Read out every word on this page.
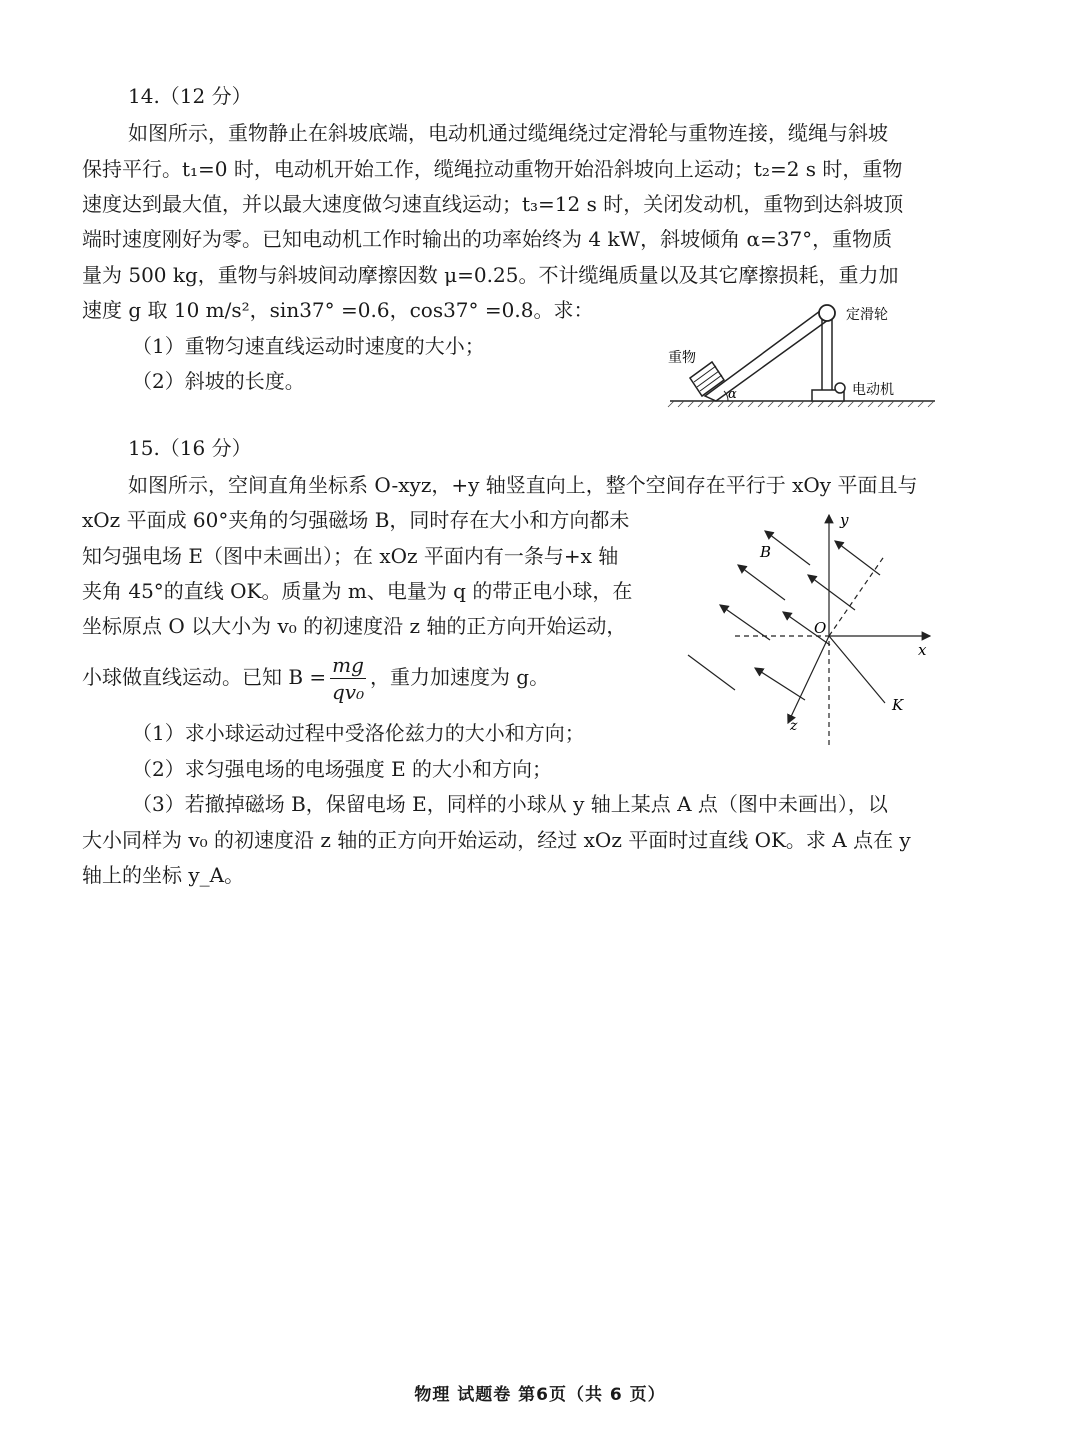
14.（12 分）
如图所示，重物静止在斜坡底端，电动机通过缆绳绕过定滑轮与重物连接，缆绳与斜坡
保持平行。t₁=0 时，电动机开始工作，缆绳拉动重物开始沿斜坡向上运动；t₂=2 s 时，重物
速度达到最大值，并以最大速度做匀速直线运动；t₃=12 s 时，关闭发动机，重物到达斜坡顶
端时速度刚好为零。已知电动机工作时输出的功率始终为 4 kW，斜坡倾角 α=37°，重物质
量为 500 kg，重物与斜坡间动摩擦因数 μ=0.25。不计缆绳质量以及其它摩擦损耗，重力加
速度 g 取 10 m/s²，sin37° =0.6，cos37° =0.8。求：
（1）重物匀速直线运动时速度的大小；
（2）斜坡的长度。
α
定滑轮
重物
电动机
15.（16 分）
如图所示，空间直角坐标系 O-xyz，+y 轴竖直向上，整个空间存在平行于 xOy 平面且与
xOz 平面成 60°夹角的匀强磁场 B，同时存在大小和方向都未
知匀强电场 E（图中未画出）；在 xOz 平面内有一条与+x 轴
夹角 45°的直线 OK。质量为 m、电量为 q 的带正电小球，在
坐标原点 O 以大小为 v₀ 的初速度沿 z 轴的正方向开始运动，
小球做直线运动。已知 $B = \frac{mg}{\text{qv₀}}$ ，重力加速度为 g。
（1）求小球运动过程中受洛伦兹力的大小和方向；
（2）求匀强电场的电场强度 E 的大小和方向；
（3）若撤掉磁场 B，保留电场 E，同样的小球从 y 轴上某点 A 点（图中未画出），以
大小同样为 v₀ 的初速度沿 z 轴的正方向开始运动，经过 xOz 平面时过直线 OK。求 A 点在 y
轴上的坐标 y_A。
y
x
z
K
O
B
物理 试题卷 第6页（共 6 页）
